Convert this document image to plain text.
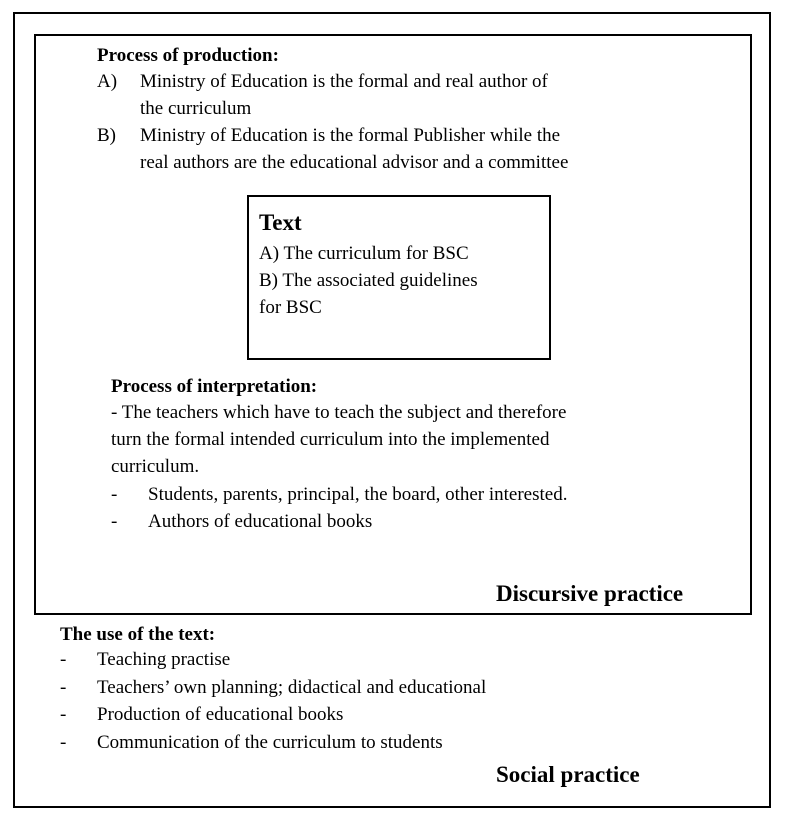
Process of production:
A) Ministry of Education is the formal and real author of
the curriculum
B) Ministry of Education is the formal Publisher while the
real authors are the educational advisor and a committee
Text
A) The curriculum for BSC
B) The associated guidelines
for BSC
Process of interpretation:
- The teachers which have to teach the subject and therefore
turn the formal intended curriculum into the implemented
curriculum.
- Students, parents, principal, the board, other interested.
- Authors of educational books
Discursive practice
The use of the text:
- Teaching practise
- Teachers’ own planning; didactical and educational
- Production of educational books
- Communication of the curriculum to students
Social practice
